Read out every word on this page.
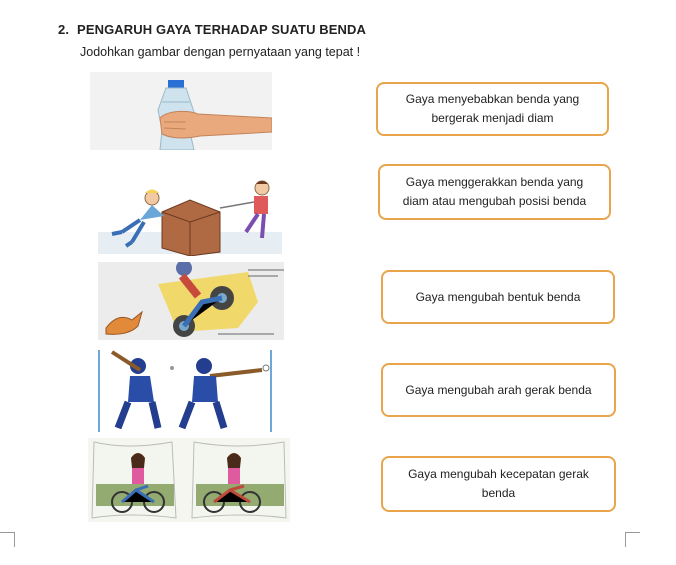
2. PENGARUH GAYA TERHADAP SUATU BENDA
Jodohkan gambar dengan pernyataan yang tepat !
Gaya menyebabkan benda yang
bergerak menjadi diam
Gaya menggerakkan benda yang
diam atau mengubah posisi benda
Gaya mengubah bentuk benda
Gaya mengubah arah gerak benda
Gaya mengubah kecepatan gerak
benda
